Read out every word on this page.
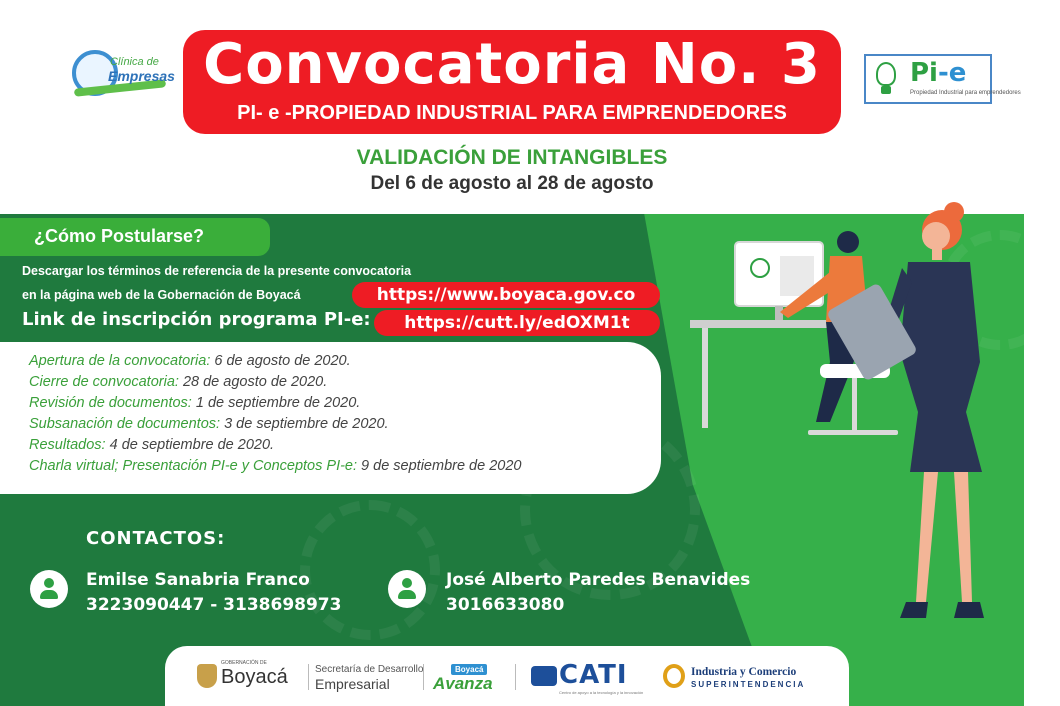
Clínica de
Empresas Convocatoria No. 3
PI- e -PROPIEDAD INDUSTRIAL PARA EMPRENDEDORES
Pi-e
Propiedad Industrial para emprendedores
VALIDACIÓN DE INTANGIBLES
Del 6 de agosto al 28 de agosto
¿Cómo Postularse?
Descargar los términos de referencia de la presente convocatoria
en la página web de la Gobernación de Boyacá	https://www.boyaca.gov.co
Link de inscripción programa PI-e:	https://cutt.ly/edOXM1t
Apertura de la convocatoria: 6 de agosto de 2020.
Cierre de convocatoria: 28 de agosto de 2020.
Revisión de documentos: 1 de septiembre de 2020.
Subsanación de documentos: 3 de septiembre de 2020.
Resultados: 4 de septiembre de 2020.
Charla virtual; Presentación PI-e y Conceptos PI-e: 9 de septiembre de 2020
CONTACTOS:
Emilse Sanabria Franco
3223090447 - 3138698973
José Alberto Paredes Benavides
3016633080
GOBERNACIÓN DE
Boyacá	Secretaría de Desarrollo
Empresarial
Boyacá
Avanza	CATI
Centro de apoyo a la tecnología y la innovación
Industria y Comercio
SUPERINTENDENCIA
